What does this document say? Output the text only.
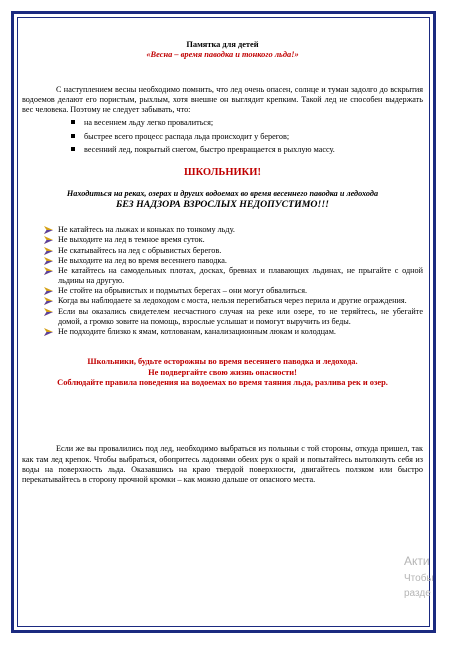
Памятка для детей

«Весна – время паводка и тонкого льда!»

С наступлением весны необходимо помнить, что лед очень опасен, солнце и туман задолго до вскрытия водоемов делают его пористым, рыхлым, хотя внешне он выглядит крепким. Такой лед не способен выдержать вес человека. Поэтому не следует забывать, что:

на весеннем льду легко провалиться;
быстрее всего процесс распада льда происходит у берегов;
весенний лед, покрытый снегом, быстро превращается в рыхлую массу.

ШКОЛЬНИКИ!

Находиться на реках, озерах и других водоемах во время весеннего паводка и ледохода

БЕЗ НАДЗОРА ВЗРОСЛЫХ НЕДОПУСТИМО!!!

Не катайтесь на лыжах и коньках по тонкому льду.
Не выходите на лед в темное время суток.
Не скатывайтесь на лед с обрывистых берегов.
Не выходите на лед во время весеннего паводка.
Не катайтесь на самодельных плотах, досках, бревнах и плавающих льдинах, не прыгайте с одной льдины на другую.
Не стойте на обрывистых и подмытых берегах – они могут обвалиться.
Когда вы наблюдаете за ледоходом с моста, нельзя перегибаться через перила и другие ограждения.
Если вы оказались свидетелем несчастного случая на реке или озере, то не теряйтесь, не убегайте домой, а громко зовите на помощь, взрослые услышат и помогут выручить из беды.
Не подходите близко к ямам, котлованам, канализационным люкам и колодцам.

Школьники, будьте осторожны во время весеннего паводка и ледохода.
Не подвергайте свою жизнь опасности!
Соблюдайте правила поведения на водоемах во время таяния льда, разлива рек и озер.

Если же вы провалились под лед, необходимо выбраться из полыньи с той стороны, откуда пришел, так как там лед крепок. Чтобы выбраться, обопритесь ладонями обеих рук о край и попытайтесь вытолкнуть себя из воды на поверхность льда. Оказавшись на краю твердой поверхности, двигайтесь ползком или быстро перекатывайтесь в сторону прочной кромки – как можно дальше от опасного места.

Акти
Чтобы
разде
